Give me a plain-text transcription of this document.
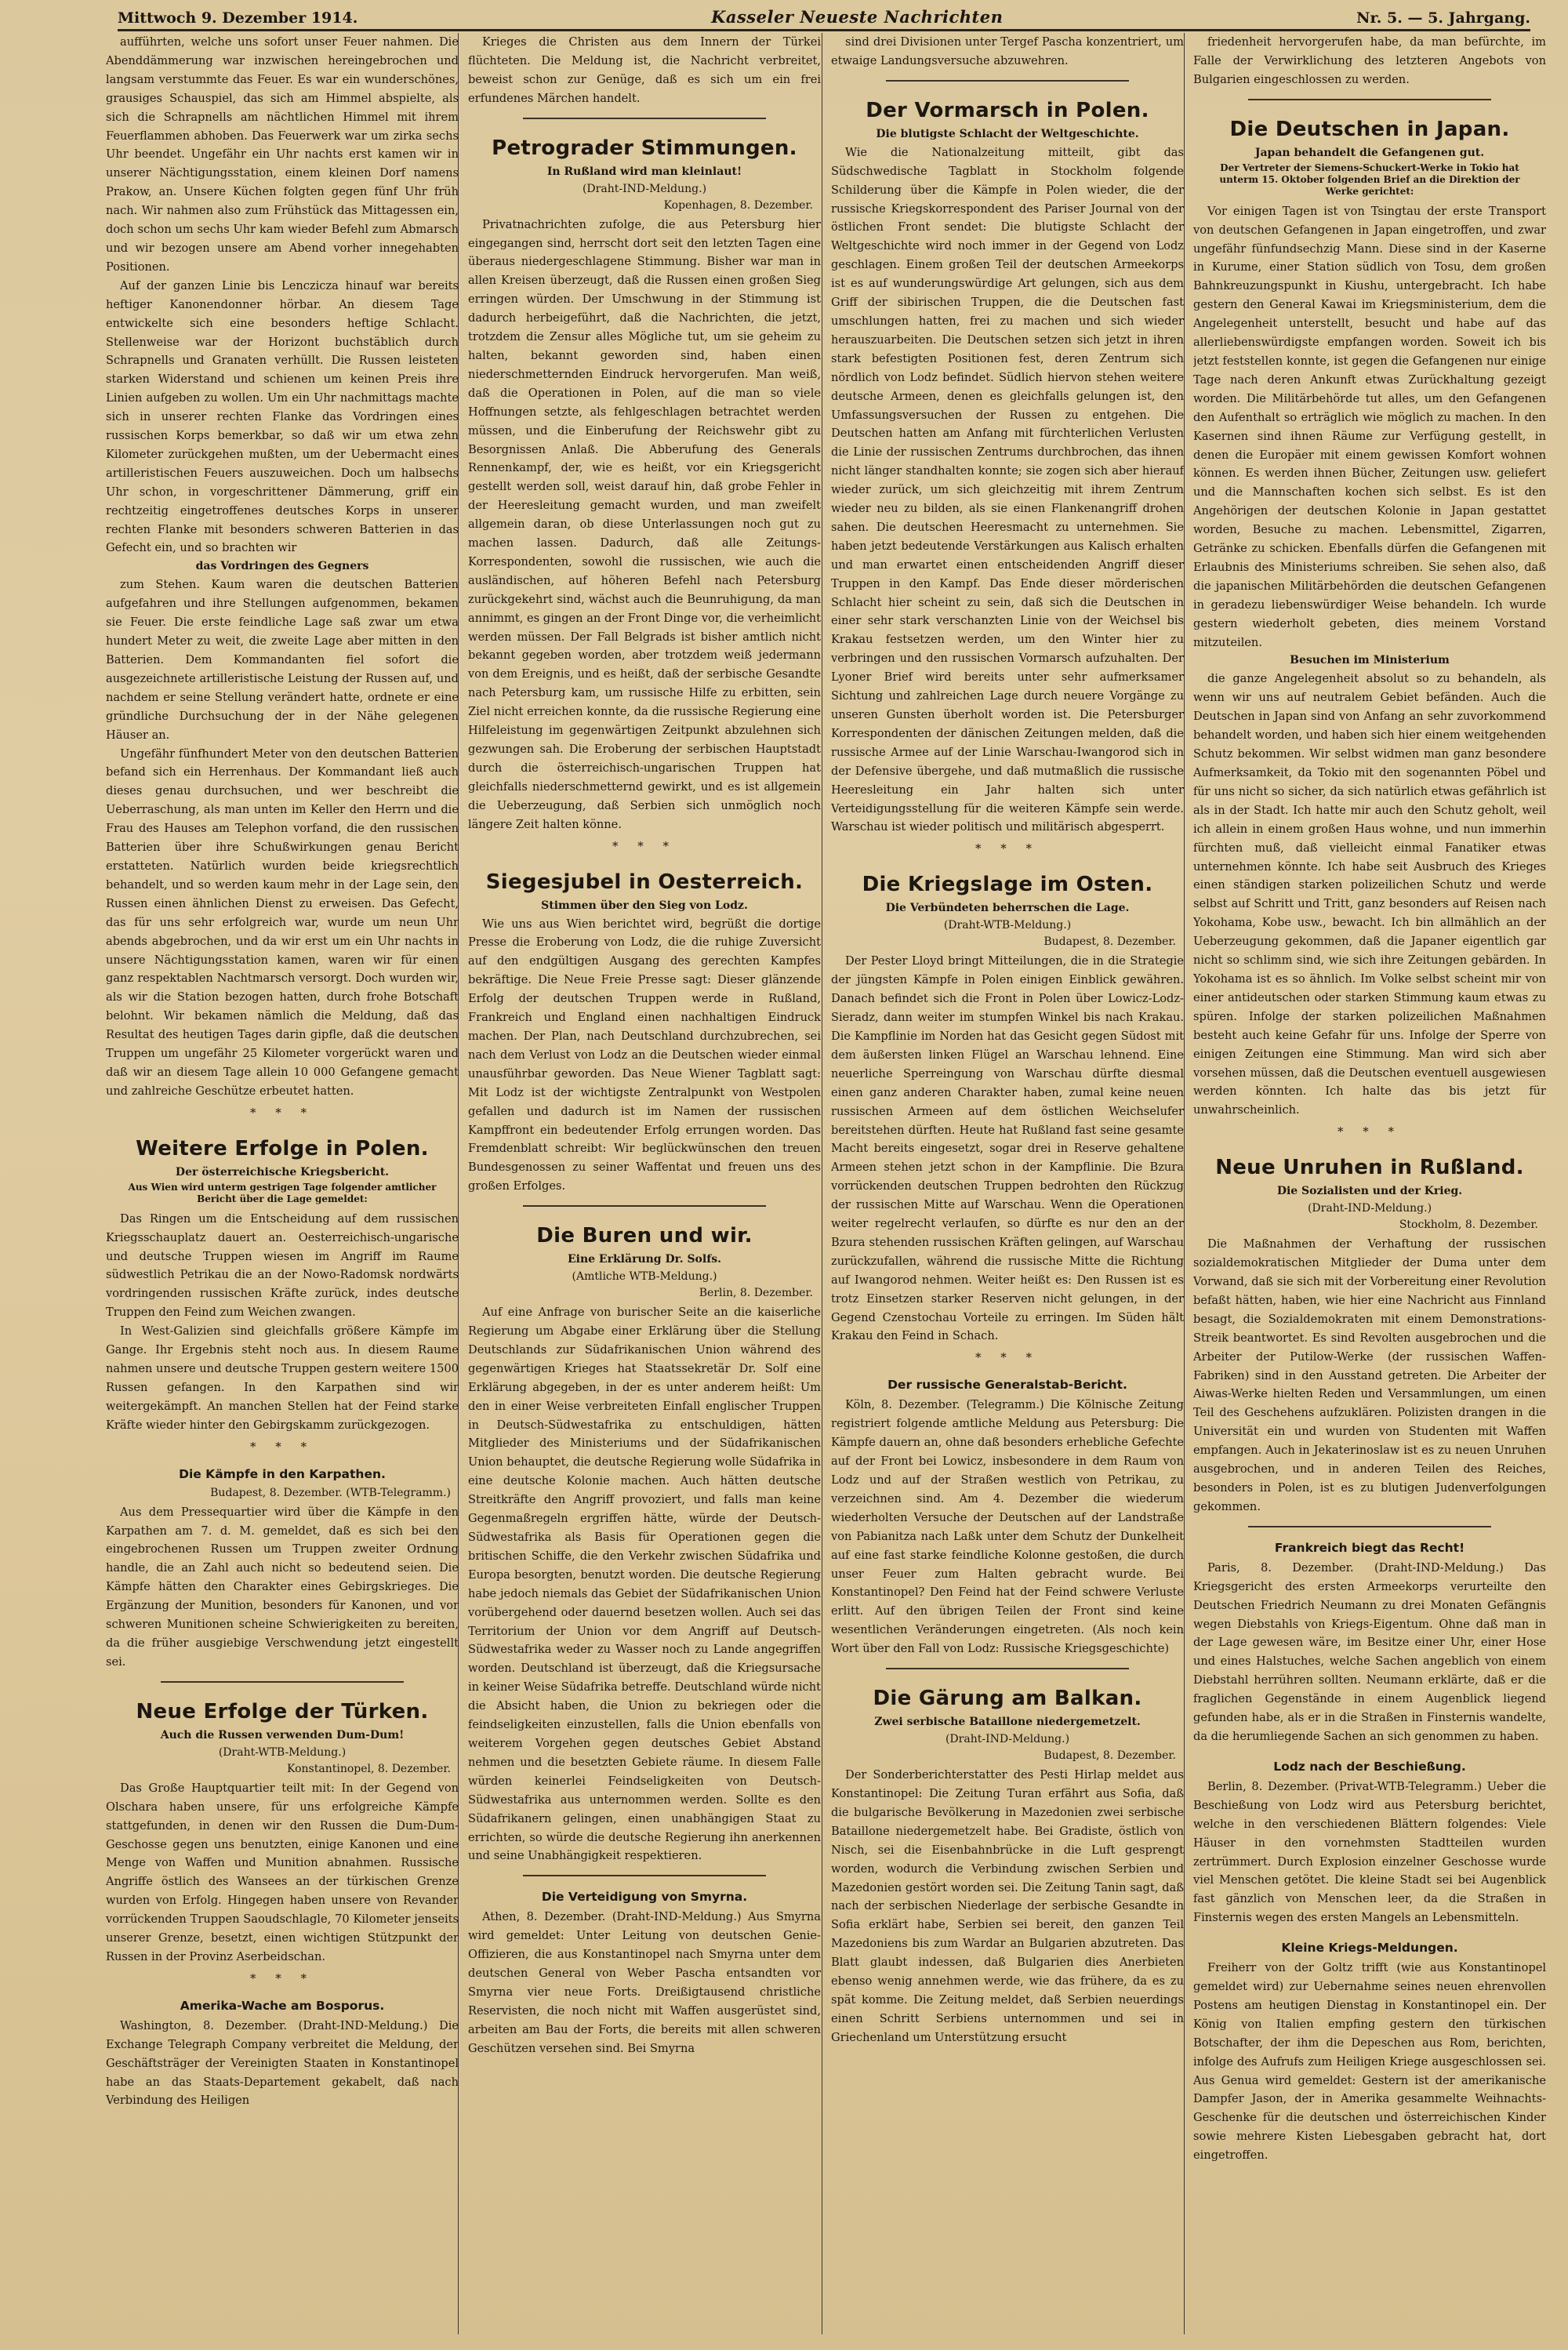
Mittwoch 9. Dezember 1914.	Kasseler Neueste Nachrichten	Nr. 5. — 5. Jahrgang.

aufführten, welche uns sofort unser Feuer nahmen. Die Abenddämmerung war inzwischen hereingebrochen und langsam verstummte das Feuer. Es war ein wunderschönes, grausiges Schauspiel, das sich am Himmel abspielte, als sich die Schrapnells am nächtlichen Himmel mit ihrem Feuerflammen abhoben. Das Feuerwerk war um zirka sechs Uhr beendet. Ungefähr ein Uhr nachts erst kamen wir in unserer Nächtigungsstation, einem kleinen Dorf namens Prakow, an. Unsere Küchen folgten gegen fünf Uhr früh nach. Wir nahmen also zum Frühstück das Mittagessen ein, doch schon um sechs Uhr kam wieder Befehl zum Abmarsch und wir bezogen unsere am Abend vorher innegehabten Positionen.

Auf der ganzen Linie bis Lenczicza hinauf war bereits heftiger Kanonendonner hörbar. An diesem Tage entwickelte sich eine besonders heftige Schlacht. Stellenweise war der Horizont buchstäblich durch Schrapnells und Granaten verhüllt. Die Russen leisteten starken Widerstand und schienen um keinen Preis ihre Linien aufgeben zu wollen. Um ein Uhr nachmittags machte sich in unserer rechten Flanke das Vordringen eines russischen Korps bemerkbar, so daß wir um etwa zehn Kilometer zurückgehen mußten, um der Uebermacht eines artilleristischen Feuers auszuweichen. Doch um halbsechs Uhr schon, in vorgeschrittener Dämmerung, griff ein rechtzeitig eingetroffenes deutsches Korps in unserer rechten Flanke mit besonders schweren Batterien in das Gefecht ein, und so brachten wir

das Vordringen des Gegners

zum Stehen. Kaum waren die deutschen Batterien aufgefahren und ihre Stellungen aufgenommen, bekamen sie Feuer. Die erste feindliche Lage saß zwar um etwa hundert Meter zu weit, die zweite Lage aber mitten in den Batterien. Dem Kommandanten fiel sofort die ausgezeichnete artilleristische Leistung der Russen auf, und nachdem er seine Stellung verändert hatte, ordnete er eine gründliche Durchsuchung der in der Nähe gelegenen Häuser an.

Ungefähr fünfhundert Meter von den deutschen Batterien befand sich ein Herrenhaus. Der Kommandant ließ auch dieses genau durchsuchen, und wer beschreibt die Ueberraschung, als man unten im Keller den Herrn und die Frau des Hauses am Telephon vorfand, die den russischen Batterien über ihre Schußwirkungen genau Bericht erstatteten. Natürlich wurden beide kriegsrechtlich behandelt, und so werden kaum mehr in der Lage sein, den Russen einen ähnlichen Dienst zu erweisen. Das Gefecht, das für uns sehr erfolgreich war, wurde um neun Uhr abends abgebrochen, und da wir erst um ein Uhr nachts in unsere Nächtigungsstation kamen, waren wir für einen ganz respektablen Nachtmarsch versorgt. Doch wurden wir, als wir die Station bezogen hatten, durch frohe Botschaft belohnt. Wir bekamen nämlich die Meldung, daß das Resultat des heutigen Tages darin gipfle, daß die deutschen Truppen um ungefähr 25 Kilometer vorgerückt waren und daß wir an diesem Tage allein 10 000 Gefangene gemacht und zahlreiche Geschütze erbeutet hatten.

* * *
Weitere Erfolge in Polen.
Der österreichische Kriegsbericht.
Aus Wien wird unterm gestrigen Tage folgender amtlicher Bericht über die Lage gemeldet:

Das Ringen um die Entscheidung auf dem russischen Kriegsschauplatz dauert an. Oesterreichisch-ungarische und deutsche Truppen wiesen im Angriff im Raume südwestlich Petrikau die an der Nowo-Radomsk nordwärts vordringenden russischen Kräfte zurück, indes deutsche Truppen den Feind zum Weichen zwangen.

In West-Galizien sind gleichfalls größere Kämpfe im Gange. Ihr Ergebnis steht noch aus. In diesem Raume nahmen unsere und deutsche Truppen gestern weitere 1500 Russen gefangen. In den Karpathen sind wir weitergekämpft. An manchen Stellen hat der Feind starke Kräfte wieder hinter den Gebirgskamm zurückgezogen.

* * *
Die Kämpfe in den Karpathen.
Budapest, 8. Dezember. (WTB-Telegramm.)

Aus dem Pressequartier wird über die Kämpfe in den Karpathen am 7. d. M. gemeldet, daß es sich bei den eingebrochenen Russen um Truppen zweiter Ordnung handle, die an Zahl auch nicht so bedeutend seien. Die Kämpfe hätten den Charakter eines Gebirgskrieges. Die Ergänzung der Munition, besonders für Kanonen, und vor schweren Munitionen scheine Schwierigkeiten zu bereiten, da die früher ausgiebige Verschwendung jetzt eingestellt sei.

Neue Erfolge der Türken.
Auch die Russen verwenden Dum-Dum!
(Draht-WTB-Meldung.)
Konstantinopel, 8. Dezember.

Das Große Hauptquartier teilt mit: In der Gegend von Olschara haben unsere, für uns erfolgreiche Kämpfe stattgefunden, in denen wir den Russen die Dum-Dum-Geschosse gegen uns benutzten, einige Kanonen und eine Menge von Waffen und Munition abnahmen. Russische Angriffe östlich des Wansees an der türkischen Grenze wurden von Erfolg. Hingegen haben unsere von Revander vorrückenden Truppen Saoudschlagle, 70 Kilometer jenseits unserer Grenze, besetzt, einen wichtigen Stützpunkt der Russen in der Provinz Aserbeidschan.

* * *
Amerika-Wache am Bosporus.

Washington, 8. Dezember. (Draht-IND-Meldung.) Die Exchange Telegraph Company verbreitet die Meldung, der Geschäftsträger der Vereinigten Staaten in Konstantinopel habe an das Staats-Departement gekabelt, daß nach Verbindung des Heiligen

Krieges die Christen aus dem Innern der Türkei flüchteten. Die Meldung ist, die Nachricht verbreitet, beweist schon zur Genüge, daß es sich um ein frei erfundenes Märchen handelt.

Petrograder Stimmungen.
In Rußland wird man kleinlaut!
(Draht-IND-Meldung.)
Kopenhagen, 8. Dezember.

Privatnachrichten zufolge, die aus Petersburg hier eingegangen sind, herrscht dort seit den letzten Tagen eine überaus niedergeschlagene Stimmung. Bisher war man in allen Kreisen überzeugt, daß die Russen einen großen Sieg erringen würden. Der Umschwung in der Stimmung ist dadurch herbeigeführt, daß die Nachrichten, die jetzt, trotzdem die Zensur alles Mögliche tut, um sie geheim zu halten, bekannt geworden sind, haben einen niederschmetternden Eindruck hervorgerufen. Man weiß, daß die Operationen in Polen, auf die man so viele Hoffnungen setzte, als fehlgeschlagen betrachtet werden müssen, und die Einberufung der Reichswehr gibt zu Besorgnissen Anlaß. Die Abberufung des Generals Rennenkampf, der, wie es heißt, vor ein Kriegsgericht gestellt werden soll, weist darauf hin, daß grobe Fehler in der Heeresleitung gemacht wurden, und man zweifelt allgemein daran, ob diese Unterlassungen noch gut zu machen lassen. Dadurch, daß alle Zeitungs-Korrespondenten, sowohl die russischen, wie auch die ausländischen, auf höheren Befehl nach Petersburg zurückgekehrt sind, wächst auch die Beunruhigung, da man annimmt, es gingen an der Front Dinge vor, die verheimlicht werden müssen. Der Fall Belgrads ist bisher amtlich nicht bekannt gegeben worden, aber trotzdem weiß jedermann von dem Ereignis, und es heißt, daß der serbische Gesandte nach Petersburg kam, um russische Hilfe zu erbitten, sein Ziel nicht erreichen konnte, da die russische Regierung eine Hilfeleistung im gegenwärtigen Zeitpunkt abzulehnen sich gezwungen sah. Die Eroberung der serbischen Hauptstadt durch die österreichisch-ungarischen Truppen hat gleichfalls niederschmetternd gewirkt, und es ist allgemein die Ueberzeugung, daß Serbien sich unmöglich noch längere Zeit halten könne.

* * *
Siegesjubel in Oesterreich.
Stimmen über den Sieg von Lodz.

Wie uns aus Wien berichtet wird, begrüßt die dortige Presse die Eroberung von Lodz, die die ruhige Zuversicht auf den endgültigen Ausgang des gerechten Kampfes bekräftige. Die Neue Freie Presse sagt: Dieser glänzende Erfolg der deutschen Truppen werde in Rußland, Frankreich und England einen nachhaltigen Eindruck machen. Der Plan, nach Deutschland durchzubrechen, sei nach dem Verlust von Lodz an die Deutschen wieder einmal unausführbar geworden. Das Neue Wiener Tagblatt sagt: Mit Lodz ist der wichtigste Zentralpunkt von Westpolen gefallen und dadurch ist im Namen der russischen Kampffront ein bedeutender Erfolg errungen worden. Das Fremdenblatt schreibt: Wir beglückwünschen den treuen Bundesgenossen zu seiner Waffentat und freuen uns des großen Erfolges.

Die Buren und wir.
Eine Erklärung Dr. Solfs.
(Amtliche WTB-Meldung.)
Berlin, 8. Dezember.

Auf eine Anfrage von burischer Seite an die kaiserliche Regierung um Abgabe einer Erklärung über die Stellung Deutschlands zur Südafrikanischen Union während des gegenwärtigen Krieges hat Staatssekretär Dr. Solf eine Erklärung abgegeben, in der es unter anderem heißt: Um den in einer Weise verbreiteten Einfall englischer Truppen in Deutsch-Südwestafrika zu entschuldigen, hätten Mitglieder des Ministeriums und der Südafrikanischen Union behauptet, die deutsche Regierung wolle Südafrika in eine deutsche Kolonie machen. Auch hätten deutsche Streitkräfte den Angriff provoziert, und falls man keine Gegenmaßregeln ergriffen hätte, würde der Deutsch-Südwestafrika als Basis für Operationen gegen die britischen Schiffe, die den Verkehr zwischen Südafrika und Europa besorgten, benutzt worden. Die deutsche Regierung habe jedoch niemals das Gebiet der Südafrikanischen Union vorübergehend oder dauernd besetzen wollen. Auch sei das Territorium der Union vor dem Angriff auf Deutsch-Südwestafrika weder zu Wasser noch zu Lande angegriffen worden. Deutschland ist überzeugt, daß die Kriegsursache in keiner Weise Südafrika betreffe. Deutschland würde nicht die Absicht haben, die Union zu bekriegen oder die feindseligkeiten einzustellen, falls die Union ebenfalls von weiterem Vorgehen gegen deutsches Gebiet Abstand nehmen und die besetzten Gebiete räume. In diesem Falle würden keinerlei Feindseligkeiten von Deutsch-Südwestafrika aus unternommen werden. Sollte es den Südafrikanern gelingen, einen unabhängigen Staat zu errichten, so würde die deutsche Regierung ihn anerkennen und seine Unabhängigkeit respektieren.

Die Verteidigung von Smyrna.

Athen, 8. Dezember. (Draht-IND-Meldung.) Aus Smyrna wird gemeldet: Unter Leitung von deutschen Genie-Offizieren, die aus Konstantinopel nach Smyrna unter dem deutschen General von Weber Pascha entsandten vor Smyrna vier neue Forts. Dreißigtausend christliche Reservisten, die noch nicht mit Waffen ausgerüstet sind, arbeiten am Bau der Forts, die bereits mit allen schweren Geschützen versehen sind. Bei Smyrna

sind drei Divisionen unter Tergef Pascha konzentriert, um etwaige Landungsversuche abzuwehren.

Der Vormarsch in Polen.
Die blutigste Schlacht der Weltgeschichte.

Wie die Nationalzeitung mitteilt, gibt das Südschwedische Tagblatt in Stockholm folgende Schilderung über die Kämpfe in Polen wieder, die der russische Kriegskorrespondent des Pariser Journal von der östlichen Front sendet: Die blutigste Schlacht der Weltgeschichte wird noch immer in der Gegend von Lodz geschlagen. Einem großen Teil der deutschen Armeekorps ist es auf wunderungswürdige Art gelungen, sich aus dem Griff der sibirischen Truppen, die die Deutschen fast umschlungen hatten, frei zu machen und sich wieder herauszuarbeiten. Die Deutschen setzen sich jetzt in ihren stark befestigten Positionen fest, deren Zentrum sich nördlich von Lodz befindet. Südlich hiervon stehen weitere deutsche Armeen, denen es gleichfalls gelungen ist, den Umfassungsversuchen der Russen zu entgehen. Die Deutschen hatten am Anfang mit fürchterlichen Verlusten die Linie der russischen Zentrums durchbrochen, das ihnen nicht länger standhalten konnte; sie zogen sich aber hierauf wieder zurück, um sich gleichzeitig mit ihrem Zentrum wieder neu zu bilden, als sie einen Flankenangriff drohen sahen. Die deutschen Heeresmacht zu unternehmen. Sie haben jetzt bedeutende Verstärkungen aus Kalisch erhalten und man erwartet einen entscheidenden Angriff dieser Truppen in den Kampf. Das Ende dieser mörderischen Schlacht hier scheint zu sein, daß sich die Deutschen in einer sehr stark verschanzten Linie von der Weichsel bis Krakau festsetzen werden, um den Winter hier zu verbringen und den russischen Vormarsch aufzuhalten. Der Lyoner Brief wird bereits unter sehr aufmerksamer Sichtung und zahlreichen Lage durch neuere Vorgänge zu unseren Gunsten überholt worden ist. Die Petersburger Korrespondenten der dänischen Zeitungen melden, daß die russische Armee auf der Linie Warschau-Iwangorod sich in der Defensive übergehe, und daß mutmaßlich die russische Heeresleitung ein Jahr halten sich unter Verteidigungsstellung für die weiteren Kämpfe sein werde. Warschau ist wieder politisch und militärisch abgesperrt.

* * *
Die Kriegslage im Osten.
Die Verbündeten beherrschen die Lage.
(Draht-WTB-Meldung.)
Budapest, 8. Dezember.

Der Pester Lloyd bringt Mitteilungen, die in die Strategie der jüngsten Kämpfe in Polen einigen Einblick gewähren. Danach befindet sich die Front in Polen über Lowicz-Lodz-Sieradz, dann weiter im stumpfen Winkel bis nach Krakau. Die Kampflinie im Norden hat das Gesicht gegen Südost mit dem äußersten linken Flügel an Warschau lehnend. Eine neuerliche Sperreingung von Warschau dürfte diesmal einen ganz anderen Charakter haben, zumal keine neuen russischen Armeen auf dem östlichen Weichselufer bereitstehen dürften. Heute hat Rußland fast seine gesamte Macht bereits eingesetzt, sogar drei in Reserve gehaltene Armeen stehen jetzt schon in der Kampflinie. Die Bzura vorrückenden deutschen Truppen bedrohten den Rückzug der russischen Mitte auf Warschau. Wenn die Operationen weiter regelrecht verlaufen, so dürfte es nur den an der Bzura stehenden russischen Kräften gelingen, auf Warschau zurückzufallen, während die russische Mitte die Richtung auf Iwangorod nehmen. Weiter heißt es: Den Russen ist es trotz Einsetzen starker Reserven nicht gelungen, in der Gegend Czenstochau Vorteile zu erringen. Im Süden hält Krakau den Feind in Schach.

* * *
Der russische Generalstab-Bericht.

Köln, 8. Dezember. (Telegramm.) Die Kölnische Zeitung registriert folgende amtliche Meldung aus Petersburg: Die Kämpfe dauern an, ohne daß besonders erhebliche Gefechte auf der Front bei Lowicz, insbesondere in dem Raum von Lodz und auf der Straßen westlich von Petrikau, zu verzeichnen sind. Am 4. Dezember die wiederum wiederholten Versuche der Deutschen auf der Landstraße von Pabianitza nach Laßk unter dem Schutz der Dunkelheit auf eine fast starke feindliche Kolonne gestoßen, die durch unser Feuer zum Halten gebracht wurde. Bei Konstantinopel? Den Feind hat der Feind schwere Verluste erlitt. Auf den übrigen Teilen der Front sind keine wesentlichen Veränderungen eingetreten. (Als noch kein Wort über den Fall von Lodz: Russische Kriegsgeschichte)

Die Gärung am Balkan.
Zwei serbische Bataillone niedergemetzelt.
(Draht-IND-Meldung.)
Budapest, 8. Dezember.

Der Sonderberichterstatter des Pesti Hirlap meldet aus Konstantinopel: Die Zeitung Turan erfährt aus Sofia, daß die bulgarische Bevölkerung in Mazedonien zwei serbische Bataillone niedergemetzelt habe. Bei Gradiste, östlich von Nisch, sei die Eisenbahnbrücke in die Luft gesprengt worden, wodurch die Verbindung zwischen Serbien und Mazedonien gestört worden sei. Die Zeitung Tanin sagt, daß nach der serbischen Niederlage der serbische Gesandte in Sofia erklärt habe, Serbien sei bereit, den ganzen Teil Mazedoniens bis zum Wardar an Bulgarien abzutreten. Das Blatt glaubt indessen, daß Bulgarien dies Anerbieten ebenso wenig annehmen werde, wie das frühere, da es zu spät komme. Die Zeitung meldet, daß Serbien neuerdings einen Schritt Serbiens unternommen und sei in Griechenland um Unterstützung ersucht

friedenheit hervorgerufen habe, da man befürchte, im Falle der Verwirklichung des letzteren Angebots von Bulgarien eingeschlossen zu werden.

Die Deutschen in Japan.
Japan behandelt die Gefangenen gut.
Der Vertreter der Siemens-Schuckert-Werke in Tokio hat unterm 15. Oktober folgenden Brief an die Direktion der Werke gerichtet:

Vor einigen Tagen ist von Tsingtau der erste Transport von deutschen Gefangenen in Japan eingetroffen, und zwar ungefähr fünfundsechzig Mann. Diese sind in der Kaserne in Kurume, einer Station südlich von Tosu, dem großen Bahnkreuzungspunkt in Kiushu, untergebracht. Ich habe gestern den General Kawai im Kriegsministerium, dem die Angelegenheit unterstellt, besucht und habe auf das allerliebenswürdigste empfangen worden. Soweit ich bis jetzt feststellen konnte, ist gegen die Gefangenen nur einige Tage nach deren Ankunft etwas Zurückhaltung gezeigt worden. Die Militärbehörde tut alles, um den Gefangenen den Aufenthalt so erträglich wie möglich zu machen. In den Kasernen sind ihnen Räume zur Verfügung gestellt, in denen die Europäer mit einem gewissen Komfort wohnen können. Es werden ihnen Bücher, Zeitungen usw. geliefert und die Mannschaften kochen sich selbst. Es ist den Angehörigen der deutschen Kolonie in Japan gestattet worden, Besuche zu machen. Lebensmittel, Zigarren, Getränke zu schicken. Ebenfalls dürfen die Gefangenen mit Erlaubnis des Ministeriums schreiben. Sie sehen also, daß die japanischen Militärbehörden die deutschen Gefangenen in geradezu liebenswürdiger Weise behandeln. Ich wurde gestern wiederholt gebeten, dies meinem Vorstand mitzuteilen.

Besuchen im Ministerium

die ganze Angelegenheit absolut so zu behandeln, als wenn wir uns auf neutralem Gebiet befänden. Auch die Deutschen in Japan sind von Anfang an sehr zuvorkommend behandelt worden, und haben sich hier einem weitgehenden Schutz bekommen. Wir selbst widmen man ganz besondere Aufmerksamkeit, da Tokio mit den sogenannten Pöbel und für uns nicht so sicher, da sich natürlich etwas gefährlich ist als in der Stadt. Ich hatte mir auch den Schutz geholt, weil ich allein in einem großen Haus wohne, und nun immerhin fürchten muß, daß vielleicht einmal Fanatiker etwas unternehmen könnte. Ich habe seit Ausbruch des Krieges einen ständigen starken polizeilichen Schutz und werde selbst auf Schritt und Tritt, ganz besonders auf Reisen nach Yokohama, Kobe usw., bewacht. Ich bin allmählich an der Ueberzeugung gekommen, daß die Japaner eigentlich gar nicht so schlimm sind, wie sich ihre Zeitungen gebärden. In Yokohama ist es so ähnlich. Im Volke selbst scheint mir von einer antideutschen oder starken Stimmung kaum etwas zu spüren. Infolge der starken polizeilichen Maßnahmen besteht auch keine Gefahr für uns. Infolge der Sperre von einigen Zeitungen eine Stimmung. Man wird sich aber vorsehen müssen, daß die Deutschen eventuell ausgewiesen werden könnten. Ich halte das bis jetzt für unwahrscheinlich.

* * *
Neue Unruhen in Rußland.
Die Sozialisten und der Krieg.
(Draht-IND-Meldung.)
Stockholm, 8. Dezember.

Die Maßnahmen der Verhaftung der russischen sozialdemokratischen Mitglieder der Duma unter dem Vorwand, daß sie sich mit der Vorbereitung einer Revolution befaßt hätten, haben, wie hier eine Nachricht aus Finnland besagt, die Sozialdemokraten mit einem Demonstrations-Streik beantwortet. Es sind Revolten ausgebrochen und die Arbeiter der Putilow-Werke (der russischen Waffen-Fabriken) sind in den Ausstand getreten. Die Arbeiter der Aiwas-Werke hielten Reden und Versammlungen, um einen Teil des Geschehens aufzuklären. Polizisten drangen in die Universität ein und wurden von Studenten mit Waffen empfangen. Auch in Jekaterinoslaw ist es zu neuen Unruhen ausgebrochen, und in anderen Teilen des Reiches, besonders in Polen, ist es zu blutigen Judenverfolgungen gekommen.

Frankreich biegt das Recht!

Paris, 8. Dezember. (Draht-IND-Meldung.) Das Kriegsgericht des ersten Armeekorps verurteilte den Deutschen Friedrich Neumann zu drei Monaten Gefängnis wegen Diebstahls von Kriegs-Eigentum. Ohne daß man in der Lage gewesen wäre, im Besitze einer Uhr, einer Hose und eines Halstuches, welche Sachen angeblich von einem Diebstahl herrühren sollten. Neumann erklärte, daß er die fraglichen Gegenstände in einem Augenblick liegend gefunden habe, als er in die Straßen in Finsternis wandelte, da die herumliegende Sachen an sich genommen zu haben.

Lodz nach der Beschießung.

Berlin, 8. Dezember. (Privat-WTB-Telegramm.) Ueber die Beschießung von Lodz wird aus Petersburg berichtet, welche in den verschiedenen Blättern folgendes: Viele Häuser in den vornehmsten Stadtteilen wurden zertrümmert. Durch Explosion einzelner Geschosse wurde viel Menschen getötet. Die kleine Stadt sei bei Augenblick fast gänzlich von Menschen leer, da die Straßen in Finsternis wegen des ersten Mangels an Lebensmitteln.

Kleine Kriegs-Meldungen.

Freiherr von der Goltz trifft (wie aus Konstantinopel gemeldet wird) zur Uebernahme seines neuen ehrenvollen Postens am heutigen Dienstag in Konstantinopel ein. Der König von Italien empfing gestern den türkischen Botschafter, der ihm die Depeschen aus Rom, berichten, infolge des Aufrufs zum Heiligen Kriege ausgeschlossen sei. Aus Genua wird gemeldet: Gestern ist der amerikanische Dampfer Jason, der in Amerika gesammelte Weihnachts-Geschenke für die deutschen und österreichischen Kinder sowie mehrere Kisten Liebesgaben gebracht hat, dort eingetroffen.
